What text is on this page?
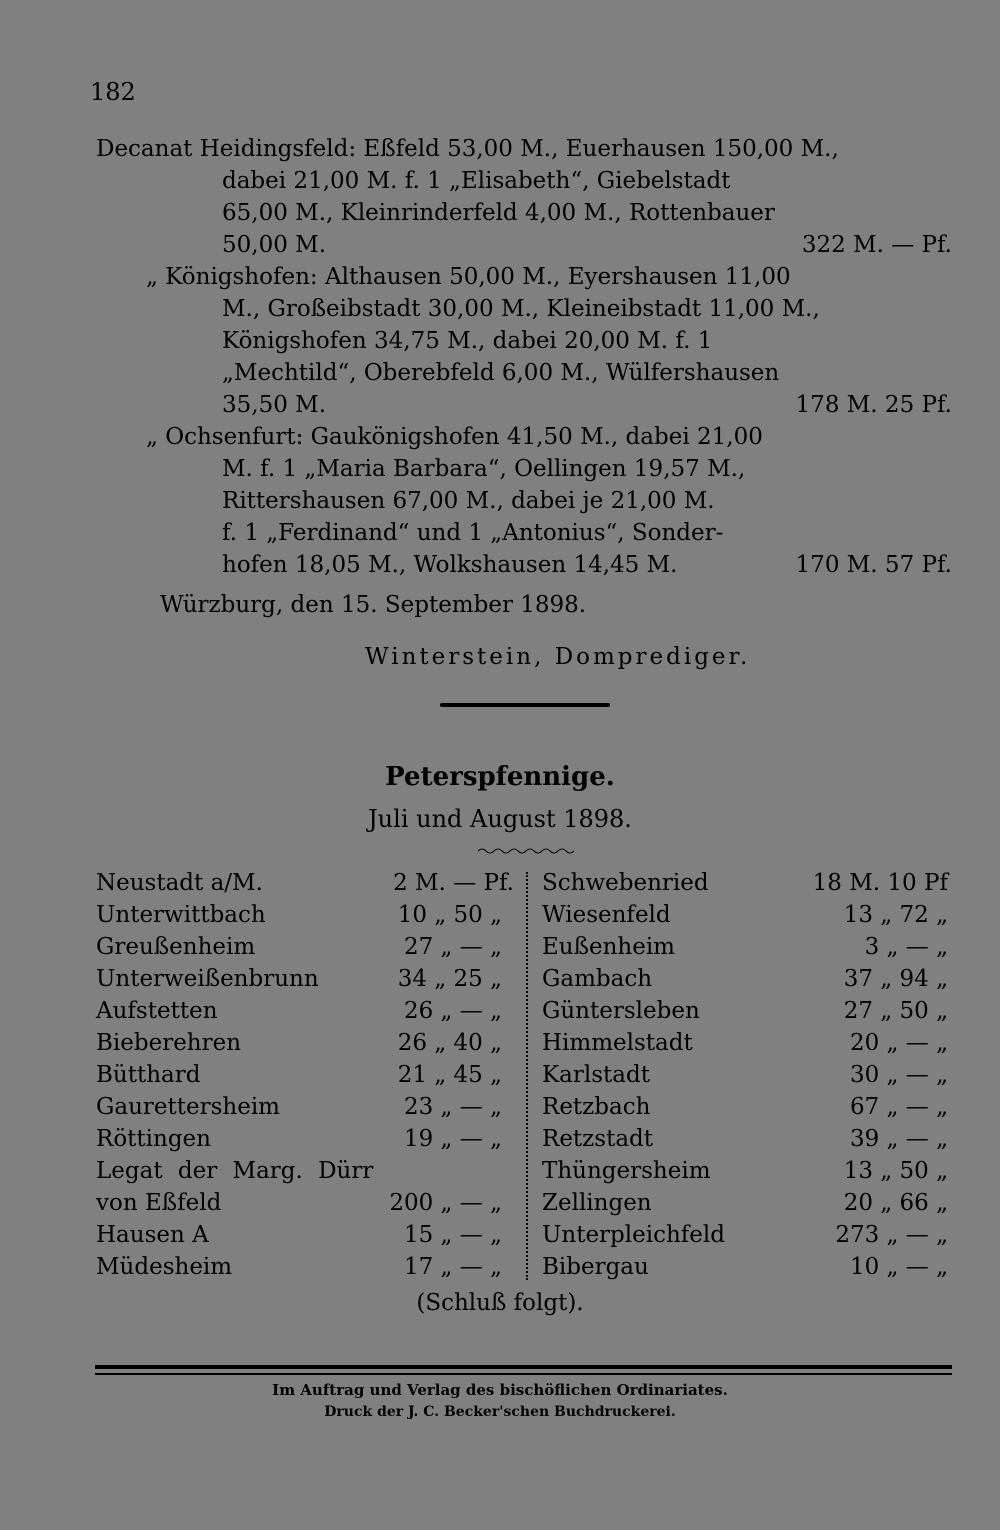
182
Decanat Heidingsfeld: Eßfeld 53,00 M., Euerhausen 150,00 M.,
dabei 21,00 M. f. 1 „Elisabeth“, Giebelstadt
65,00 M., Kleinrinderfeld 4,00 M., Rottenbauer
50,00 M.	322 M. — Pf.
„ Königshofen: Althausen 50,00 M., Eyershausen 11,00
M., Großeibstadt 30,00 M., Kleineibstadt 11,00 M.,
Königshofen 34,75 M., dabei 20,00 M. f. 1
„Mechtild“, Oberebfeld 6,00 M., Wülfershausen
35,50 M.	178 M. 25 Pf.
„ Ochsenfurt: Gaukönigshofen 41,50 M., dabei 21,00
M. f. 1 „Maria Barbara“, Oellingen 19,57 M.,
Rittershausen 67,00 M., dabei je 21,00 M.
f. 1 „Ferdinand“ und 1 „Antonius“, Sonder-
hofen 18,05 M., Wolkshausen 14,45 M.	170 M. 57 Pf.
Würzburg, den 15. September 1898.
Winterstein, Domprediger.
Peterspfennige.
Juli und August 1898.
Neustadt a/M.	2 M. — Pf.
Unterwittbach	10 „ 50 „
Greußenheim	27 „ — „
Unterweißenbrunn	34 „ 25 „
Aufstetten	26 „ — „
Bieberehren	26 „ 40 „
Bütthard	21 „ 45 „
Gaurettersheim	23 „ — „
Röttingen	19 „ — „
Legat der Marg. Dürr
von Eßfeld	200 „ — „
Hausen A	15 „ — „
Müdesheim	17 „ — „
Schwebenried	18 M. 10 Pf
Wiesenfeld	13 „ 72 „
Eußenheim	3 „ — „
Gambach	37 „ 94 „
Güntersleben	27 „ 50 „
Himmelstadt	20 „ — „
Karlstadt	30 „ — „
Retzbach	67 „ — „
Retzstadt	39 „ — „
Thüngersheim	13 „ 50 „
Zellingen	20 „ 66 „
Unterpleichfeld	273 „ — „
Bibergau	10 „ — „
(Schluß folgt).
Im Auftrag und Verlag des bischöflichen Ordinariates.
Druck der J. C. Becker'schen Buchdruckerei.
